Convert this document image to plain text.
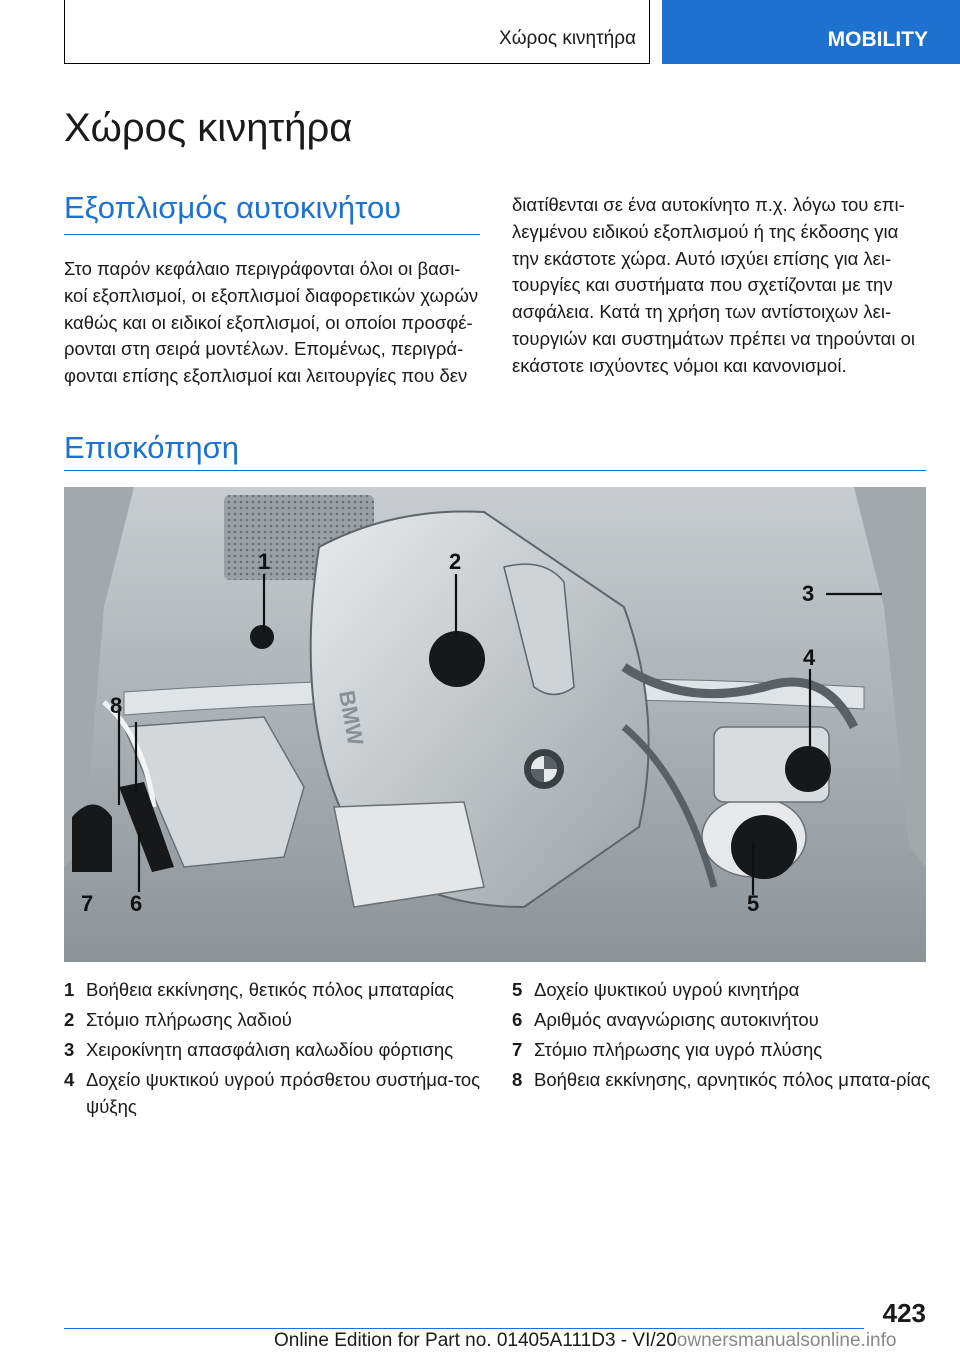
Χώρος κινητήρα	MOBILITY
Χώρος κινητήρα
Εξοπλισμός αυτοκινήτου
Στο παρόν κεφάλαιο περιγράφονται όλοι οι βασι-
κοί εξοπλισμοί, οι εξοπλισμοί διαφορετικών χωρών
καθώς και οι ειδικοί εξοπλισμοί, οι οποίοι προσφέ-
ρονται στη σειρά μοντέλων. Επομένως, περιγρά-
φονται επίσης εξοπλισμοί και λειτουργίες που δεν
διατίθενται σε ένα αυτοκίνητο π.χ. λόγω του επι-
λεγμένου ειδικού εξοπλισμού ή της έκδοσης για
την εκάστοτε χώρα. Αυτό ισχύει επίσης για λει-
τουργίες και συστήματα που σχετίζονται με την
ασφάλεια. Κατά τη χρήση των αντίστοιχων λει-
τουργιών και συστημάτων πρέπει να τηρούνται οι
εκάστοτε ισχύοντες νόμοι και κανονισμοί.
Επισκόπηση
BMW
1	2
3
4
5
6
7
8
1 Βοήθεια εκκίνησης, θετικός πόλος μπαταρίας
2 Στόμιο πλήρωσης λαδιού
3 Χειροκίνητη απασφάλιση καλωδίου φόρτισης
4 Δοχείο ψυκτικού υγρού πρόσθετου συστήμα-τος ψύξης
5 Δοχείο ψυκτικού υγρού κινητήρα
6 Αριθμός αναγνώρισης αυτοκινήτου
7 Στόμιο πλήρωσης για υγρό πλύσης
8 Βοήθεια εκκίνησης, αρνητικός πόλος μπατα-ρίας
423
Online Edition for Part no. 01405A111D3 - VI/20ownersmanualsonline.info
